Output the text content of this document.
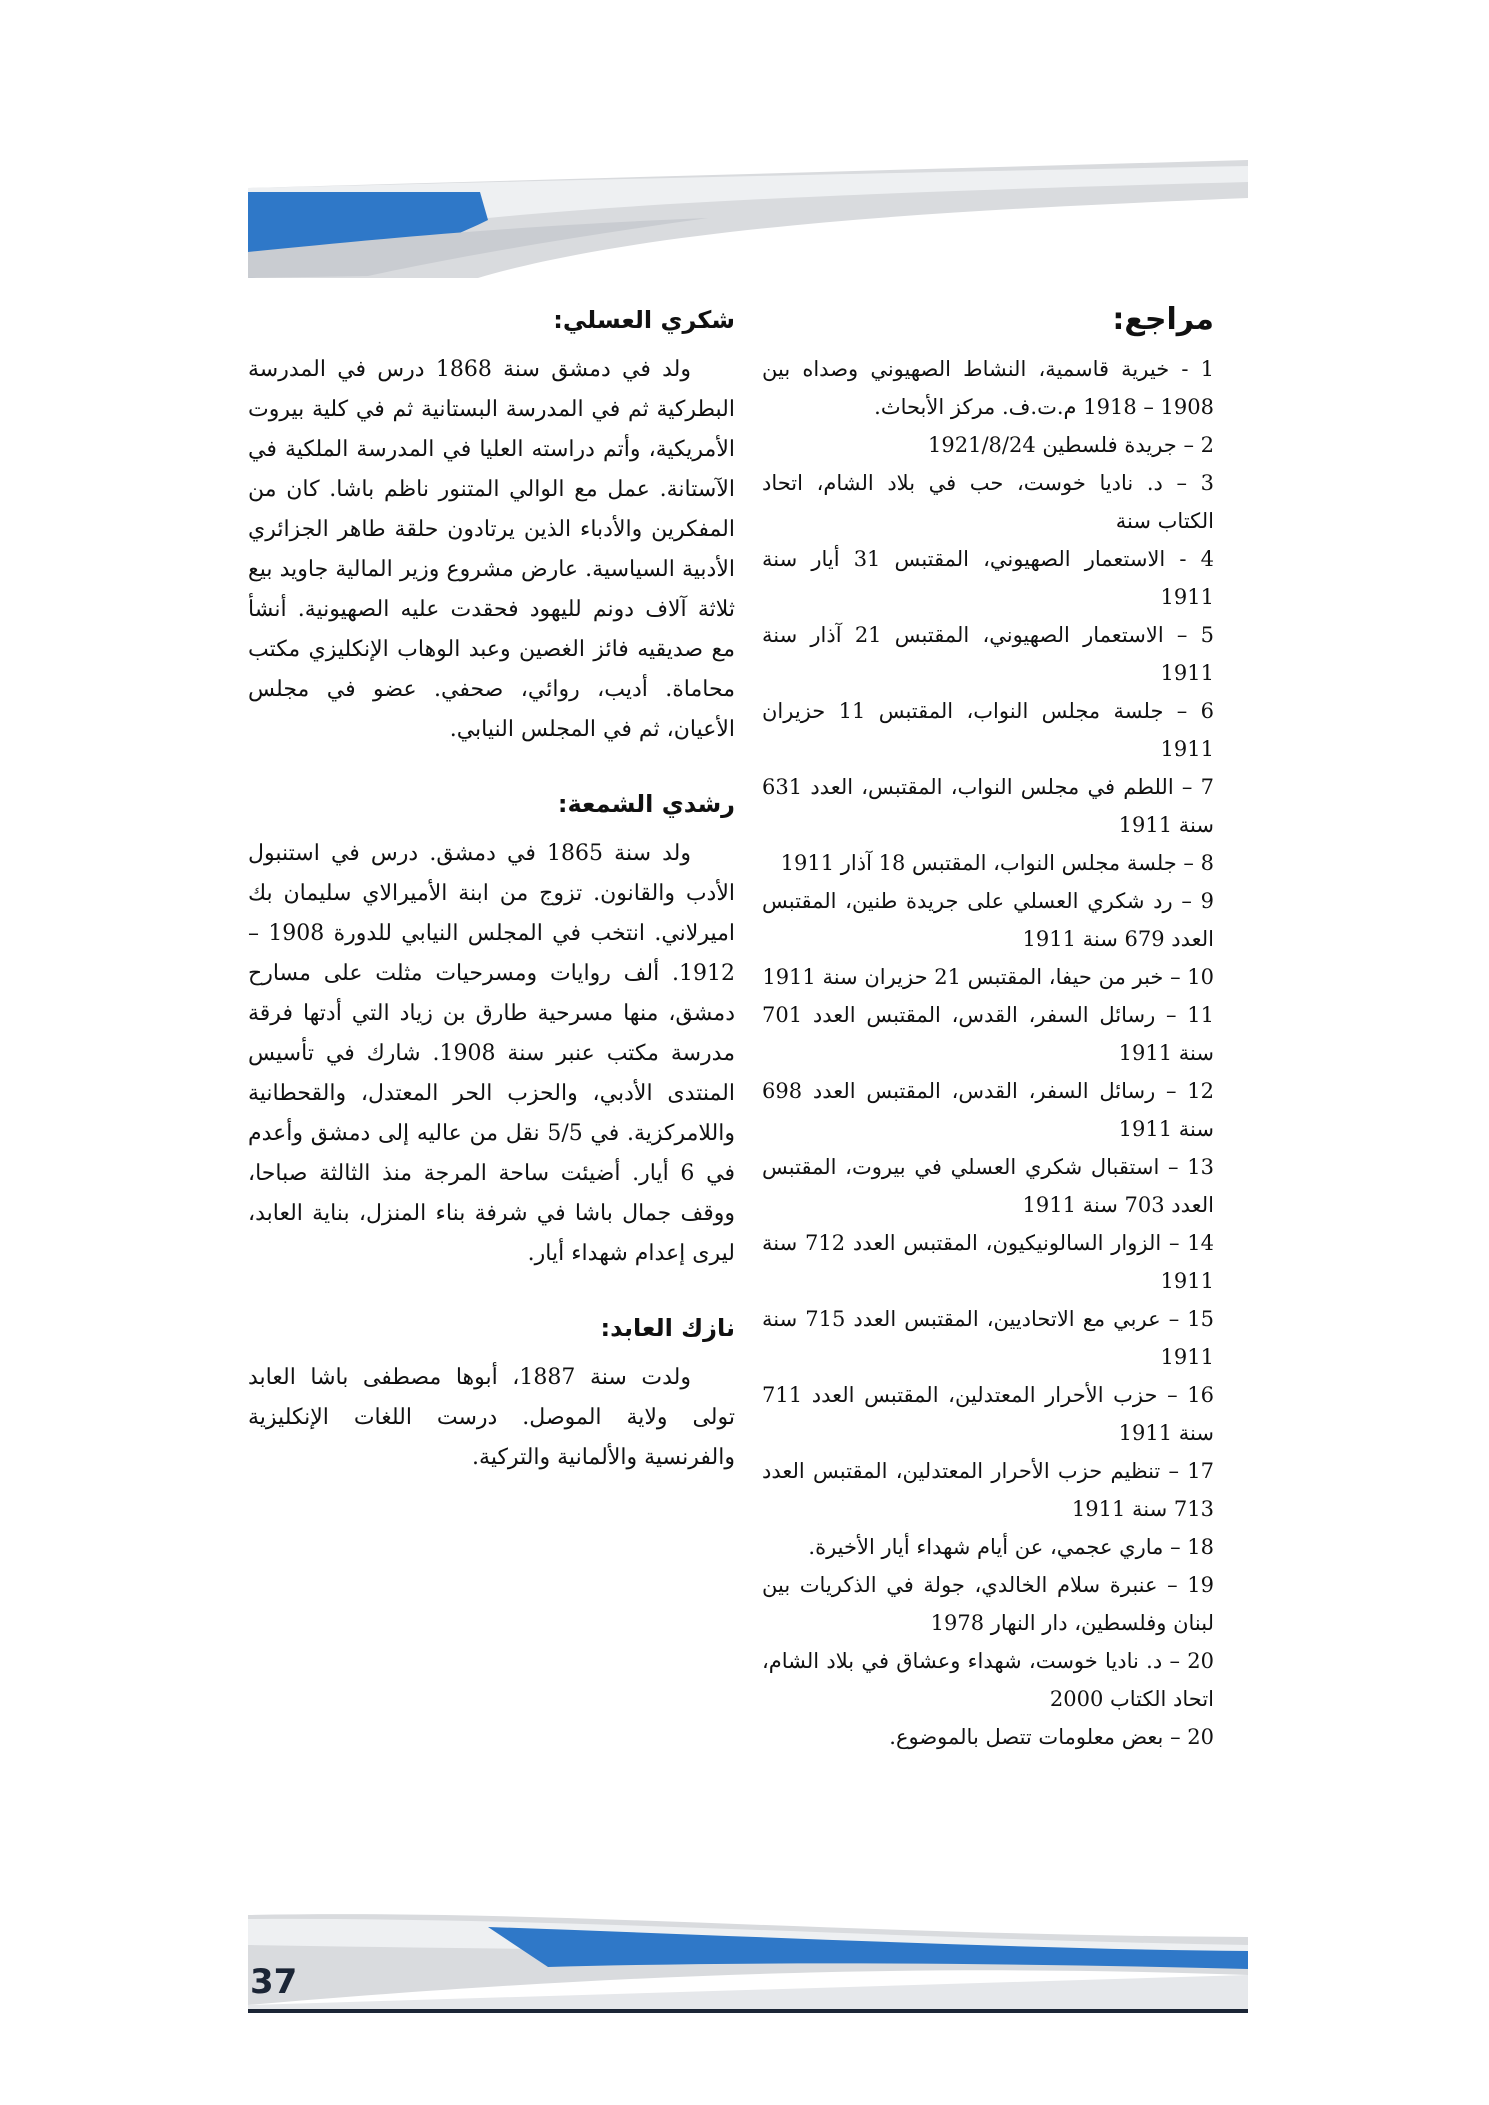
شهداء أيار في مواجهة الصهيونية
مراجع:
1 - خيرية قاسمية، النشاط الصهيوني وصداه بين 1908 – 1918 م.ت.ف. مركز الأبحاث.
2 – جريدة فلسطين 1921/8/24
3 – د. ناديا خوست، حب في بلاد الشام، اتحاد الكتاب سنة
4 - الاستعمار الصهيوني، المقتبس 31 أيار سنة 1911
5 – الاستعمار الصهيوني، المقتبس 21 آذار سنة 1911
6 – جلسة مجلس النواب، المقتبس 11 حزيران 1911
7 – اللطم في مجلس النواب، المقتبس، العدد 631 سنة 1911
8 – جلسة مجلس النواب، المقتبس 18 آذار 1911
9 – رد شكري العسلي على جريدة طنين، المقتبس العدد 679 سنة 1911
10 – خبر من حيفا، المقتبس 21 حزيران سنة 1911
11 – رسائل السفر، القدس، المقتبس العدد 701 سنة 1911
12 – رسائل السفر، القدس، المقتبس العدد 698 سنة 1911
13 – استقبال شكري العسلي في بيروت، المقتبس العدد 703 سنة 1911
14 – الزوار السالونيكيون، المقتبس العدد 712 سنة 1911
15 – عربي مع الاتحاديين، المقتبس العدد 715 سنة 1911
16 – حزب الأحرار المعتدلين، المقتبس العدد 711 سنة 1911
17 – تنظيم حزب الأحرار المعتدلين، المقتبس العدد 713 سنة 1911
18 – ماري عجمي، عن أيام شهداء أيار الأخيرة.
19 – عنبرة سلام الخالدي، جولة في الذكريات بين لبنان وفلسطين، دار النهار 1978
20 – د. ناديا خوست، شهداء وعشاق في بلاد الشام، اتحاد الكتاب 2000
20 – بعض معلومات تتصل بالموضوع.
شكري العسلي:

ولد في دمشق سنة 1868 درس في المدرسة البطركية ثم في المدرسة البستانية ثم في كلية بيروت الأمريكية، وأتم دراسته العليا في المدرسة الملكية في الآستانة. عمل مع الوالي المتنور ناظم باشا. كان من المفكرين والأدباء الذين يرتادون حلقة طاهر الجزائري الأدبية السياسية. عارض مشروع وزير المالية جاويد بيع ثلاثة آلاف دونم لليهود فحقدت عليه الصهيونية. أنشأ مع صديقيه فائز الغصين وعبد الوهاب الإنكليزي مكتب محاماة. أديب، روائي، صحفي. عضو في مجلس الأعيان، ثم في المجلس النيابي.

رشدي الشمعة:

ولد سنة 1865 في دمشق. درس في استنبول الأدب والقانون. تزوج من ابنة الأميرالاي سليمان بك اميرلاني. انتخب في المجلس النيابي للدورة 1908 – 1912. ألف روايات ومسرحيات مثلت على مسارح دمشق، منها مسرحية طارق بن زياد التي أدتها فرقة مدرسة مكتب عنبر سنة 1908. شارك في تأسيس المنتدى الأدبي، والحزب الحر المعتدل، والقحطانية واللامركزية. في 5/5 نقل من عاليه إلى دمشق وأعدم في 6 أيار. أضيئت ساحة المرجة منذ الثالثة صباحا، ووقف جمال باشا في شرفة بناء المنزل، بناية العابد، ليرى إعدام شهداء أيار.

نازك العابد:

ولدت سنة 1887، أبوها مصطفى باشا العابد تولى ولاية الموصل. درست اللغات الإنكليزية والفرنسية والألمانية والتركية.

37
